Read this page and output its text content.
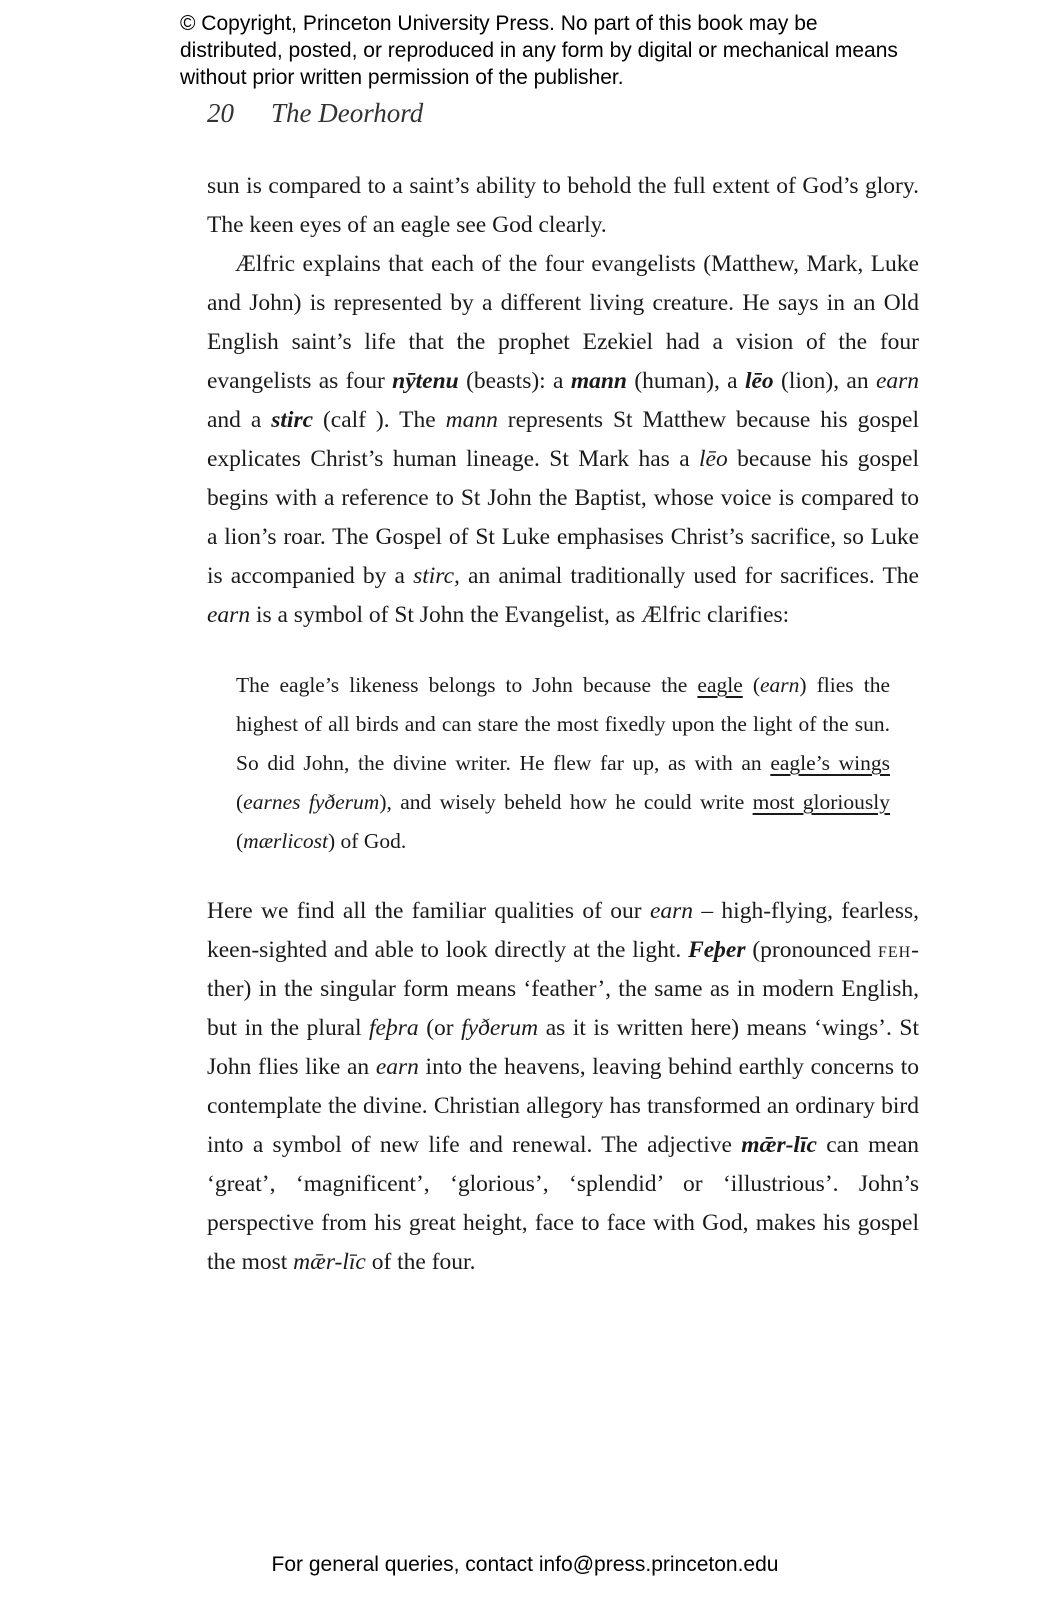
© Copyright, Princeton University Press. No part of this book may be distributed, posted, or reproduced in any form by digital or mechanical means without prior written permission of the publisher.
20 The Deorhord

sun is compared to a saint’s ability to behold the full extent of God’s glory. The keen eyes of an eagle see God clearly.

Ælfric explains that each of the four evangelists (Matthew, Mark, Luke and John) is represented by a different living creature. He says in an Old English saint’s life that the prophet Ezekiel had a vision of the four evangelists as four nȳtenu (beasts): a mann (human), a lēo (lion), an earn and a stirc (calf ). The mann represents St Matthew because his gospel explicates Christ’s human lineage. St Mark has a lēo because his gospel begins with a reference to St John the Baptist, whose voice is compared to a lion’s roar. The Gospel of St Luke emphasises Christ’s sacrifice, so Luke is accompanied by a stirc, an animal traditionally used for sacrifices. The earn is a symbol of St John the Evangelist, as Ælfric clarifies:

The eagle’s likeness belongs to John because the eagle (earn) flies the highest of all birds and can stare the most fixedly upon the light of the sun. So did John, the divine writer. He flew far up, as with an eagle’s wings (earnes fyðerum), and wisely beheld how he could write most gloriously (mærlicost) of God.

Here we find all the familiar qualities of our earn – high-flying, fearless, keen-sighted and able to look directly at the light. Feþer (pronounced feh-ther) in the singular form means ‘feather’, the same as in modern English, but in the plural feþra (or fyðerum as it is written here) means ‘wings’. St John flies like an earn into the heavens, leaving behind earthly concerns to contemplate the divine. Christian allegory has transformed an ordinary bird into a symbol of new life and renewal. The adjective mǣr-līc can mean ‘great’, ‘magnificent’, ‘glorious’, ‘splendid’ or ‘illustrious’. John’s perspective from his great height, face to face with God, makes his gospel the most mǣr-līc of the four.

For general queries, contact info@press.princeton.edu
